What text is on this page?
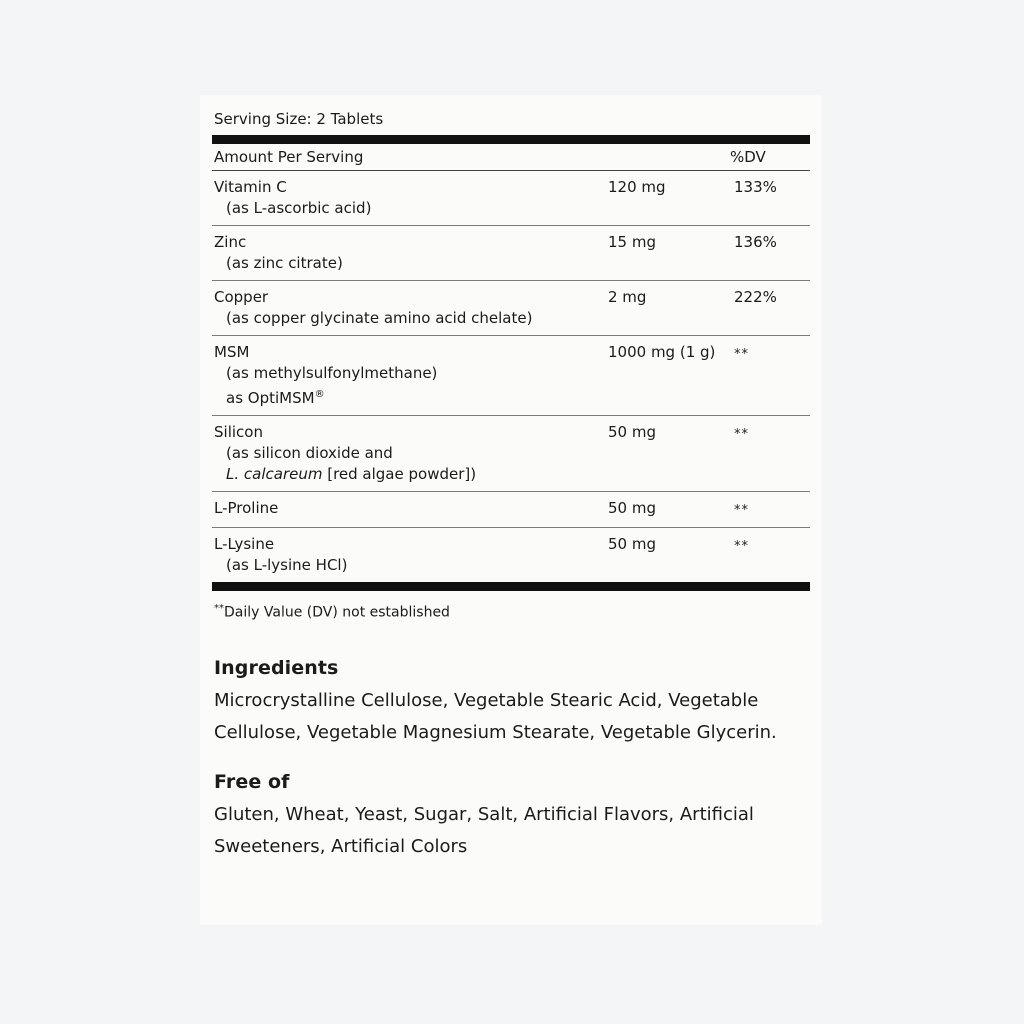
Serving Size: 2 Tablets
Amount Per Serving	%DV
Vitamin C
(as L-ascorbic acid)
120 mg	133%
Zinc
(as zinc citrate)
15 mg	136%
Copper
(as copper glycinate amino acid chelate)
2 mg	222%
MSM
(as methylsulfonylmethane)
as OptiMSM®
1000 mg (1 g)	**
Silicon
(as silicon dioxide and
L. calcareum [red algae powder])
50 mg	**
L-Proline	50 mg	**
L-Lysine
(as L-lysine HCl)
50 mg	**
**Daily Value (DV) not established
Ingredients
Microcrystalline Cellulose, Vegetable Stearic Acid, Vegetable Cellulose, Vegetable Magnesium Stearate, Vegetable Glycerin.
Free of
Gluten, Wheat, Yeast, Sugar, Salt, Artificial Flavors, Artificial Sweeteners, Artificial Colors
